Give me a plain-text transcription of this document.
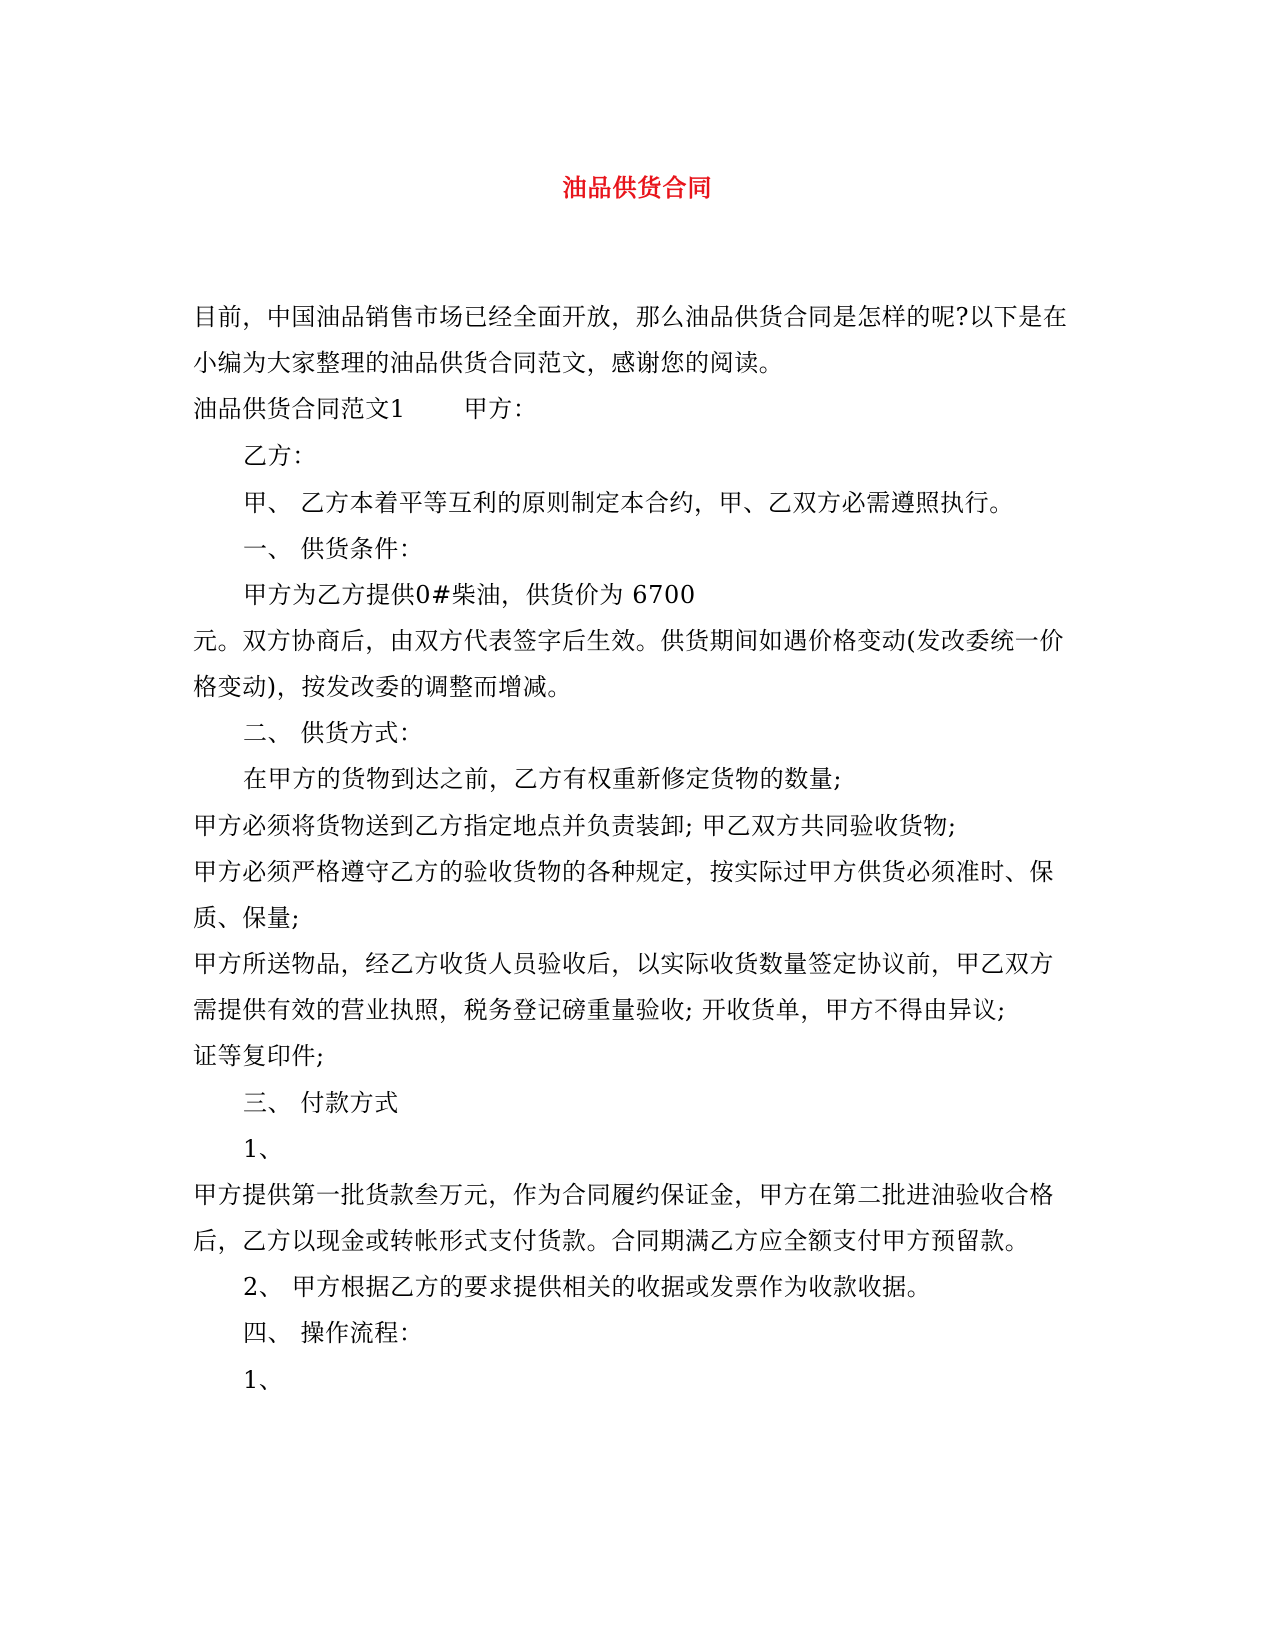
油品供货合同
目前，中国油品销售市场已经全面开放，那么油品供货合同是怎样的呢?以下是在
小编为大家整理的油品供货合同范文，感谢您的阅读。
油品供货合同范文1 甲方：
乙方：
甲、 乙方本着平等互利的原则制定本合约，甲、乙双方必需遵照执行。
一、 供货条件：
甲方为乙方提供0#柴油，供货价为 6700
元。双方协商后，由双方代表签字后生效。供货期间如遇价格变动(发改委统一价
格变动)，按发改委的调整而增减。
二、 供货方式：
在甲方的货物到达之前，乙方有权重新修定货物的数量;
甲方必须将货物送到乙方指定地点并负责装卸; 甲乙双方共同验收货物;
甲方必须严格遵守乙方的验收货物的各种规定，按实际过甲方供货必须准时、保
质、保量;
甲方所送物品，经乙方收货人员验收后，以实际收货数量签定协议前，甲乙双方
需提供有效的营业执照，税务登记磅重量验收; 开收货单，甲方不得由异议;
证等复印件;
三、 付款方式
1、
甲方提供第一批货款叁万元，作为合同履约保证金，甲方在第二批进油验收合格
后，乙方以现金或转帐形式支付货款。合同期满乙方应全额支付甲方预留款。
2、 甲方根据乙方的要求提供相关的收据或发票作为收款收据。
四、 操作流程：
1、
